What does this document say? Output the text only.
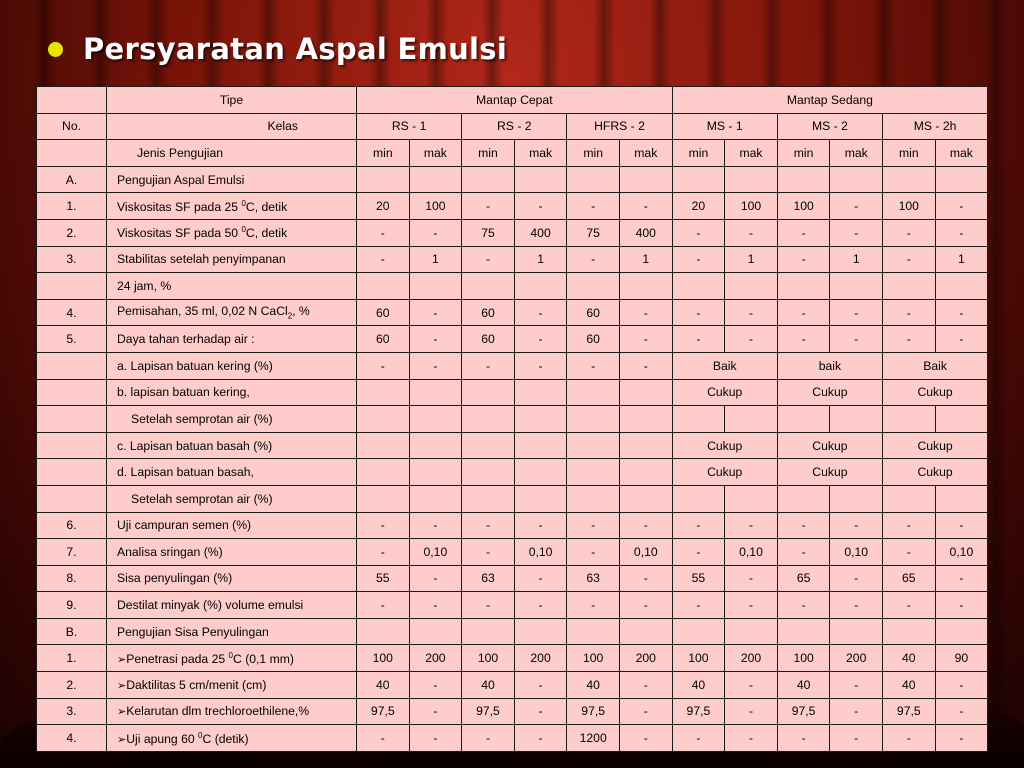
Persyaratan Aspal Emulsi
	Tipe	Mantap Cepat						Mantap Sedang					
No.	Kelas	RS - 1		RS - 2		HFRS - 2		MS - 1		MS - 2		MS - 2h	
	Jenis Pengujian	min	mak	min	mak	min	mak	min	mak	min	mak	min	mak
A.	Pengujian Aspal Emulsi												
1.	Viskositas SF pada 25 $^0$C, detik	20	100	-	-	-	-	20	100	100	-	100	-
2.	Viskositas SF pada 50 $^0$C, detik	-	-	75	400	75	400	-	-	-	-	-	-
3.	Stabilitas setelah penyimpanan	-	1	-	1	-	1	-	1	-	1	-	1
	24 jam, %												
4.	Pemisahan, 35 ml, 0,02 N CaCl$_2$, %	60	-	60	-	60	-	-	-	-	-	-	-
5.	Daya tahan terhadap air :	60	-	60	-	60	-	-	-	-	-	-	-
	a. Lapisan batuan kering (%)	-	-	-	-	-	-	Baik		baik		Baik	
	b. lapisan batuan kering,							Cukup		Cukup		Cukup	
	Setelah semprotan air (%)												
	c. Lapisan batuan basah (%)							Cukup		Cukup		Cukup	
	d. Lapisan batuan basah,							Cukup		Cukup		Cukup	
	Setelah semprotan air (%)												
6.	Uji campuran semen (%)	-	-	-	-	-	-	-	-	-	-	-	-
7.	Analisa sringan (%)	-	0,10	-	0,10	-	0,10	-	0,10	-	0,10	-	0,10
8.	Sisa penyulingan (%)	55	-	63	-	63	-	55	-	65	-	65	-
9.	Destilat minyak (%) volume emulsi	-	-	-	-	-	-	-	-	-	-	-	-
B.	Pengujian Sisa Penyulingan												
1.	➢Penetrasi pada 25 $^0$C (0,1 mm)	100	200	100	200	100	200	100	200	100	200	40	90
2.	➢Daktilitas 5 cm/menit (cm)	40	-	40	-	40	-	40	-	40	-	40	-
3.	➢Kelarutan dlm trechloroethilene,%	97,5	-	97,5	-	97,5	-	97,5	-	97,5	-	97,5	-
4.	➢Uji apung 60 $^0$C (detik)	-	-	-	-	1200	-	-	-	-	-	-	-
